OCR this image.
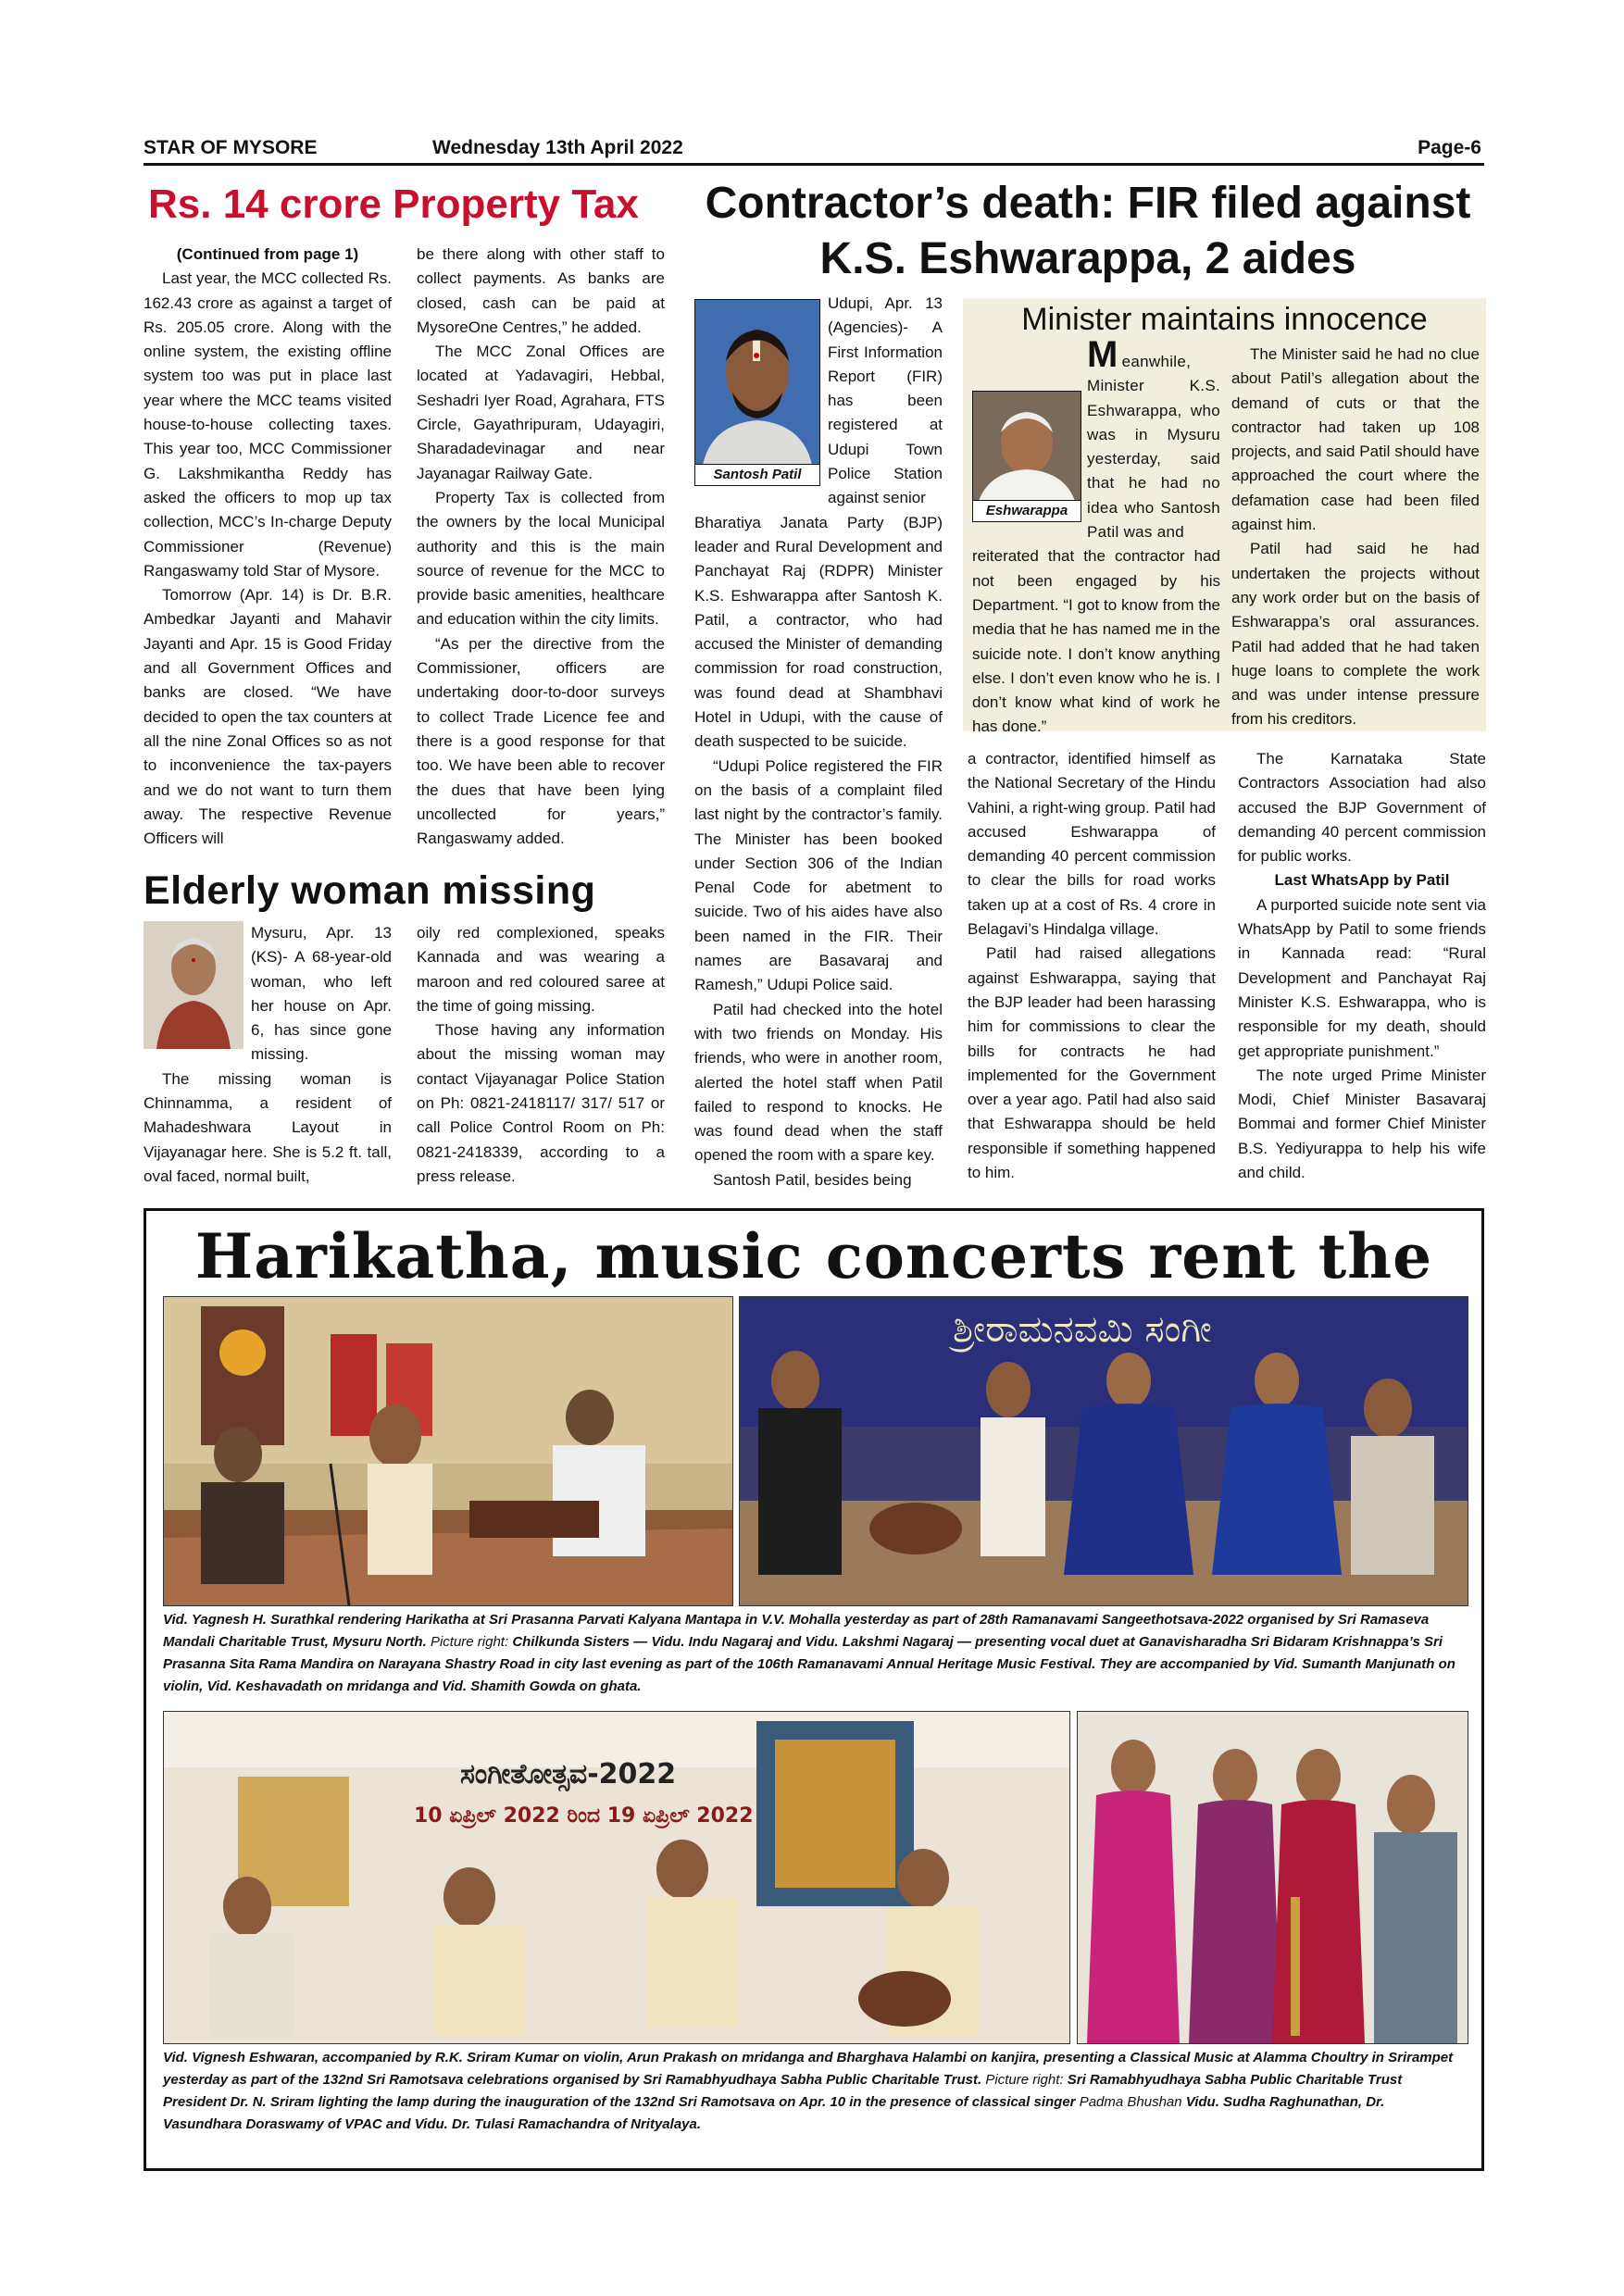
STAR OF MYSORE	Wednesday 13th April 2022	Page-6
Rs. 14 crore Property Tax

(Continued from page 1)

Last year, the MCC collected Rs. 162.43 crore as against a target of Rs. 205.05 crore. Along with the online system, the existing offline system too was put in place last year where the MCC teams visited house-to-house collecting taxes. This year too, MCC Commissioner G. Lakshmikantha Reddy has asked the officers to mop up tax collection, MCC’s In-charge Deputy Commissioner (Revenue) Rangaswamy told Star of Mysore.

Tomorrow (Apr. 14) is Dr. B.R. Ambedkar Jayanti and Mahavir Jayanti and Apr. 15 is Good Friday and all Government Offices and banks are closed. “We have decided to open the tax counters at all the nine Zonal Offices so as not to inconvenience the tax-payers and we do not want to turn them away. The respective Revenue Officers will

be there along with other staff to collect payments. As banks are closed, cash can be paid at MysoreOne Centres,” he added.

The MCC Zonal Offices are located at Yadavagiri, Hebbal, Seshadri Iyer Road, Agrahara, FTS Circle, Gayathripuram, Udayagiri, Sharadadevinagar and near Jayanagar Railway Gate.

Property Tax is collected from the owners by the local Municipal authority and this is the main source of revenue for the MCC to provide basic amenities, healthcare and education within the city limits.

“As per the directive from the Commissioner, officers are undertaking door-to-door surveys to collect Trade Licence fee and there is a good response for that too. We have been able to recover the dues that have been lying uncollected for years,” Rangaswamy added.

Elderly woman missing

Mysuru, Apr. 13 (KS)- A 68-year-old woman, who left her house on Apr. 6, has since gone missing.

The missing woman is Chinnamma, a resident of Mahadeshwara Layout in Vijayanagar here. She is 5.2 ft. tall, oval faced, normal built,

oily red complexioned, speaks Kannada and was wearing a maroon and red coloured saree at the time of going missing.

Those having any information about the missing woman may contact Vijayanagar Police Station on Ph: 0821-2418117/ 317/ 517 or call Police Control Room on Ph: 0821-2418339, according to a press release.

Contractor’s death: FIR filed against K.S. Eshwarappa, 2 aides
Santosh Patil

Udupi, Apr. 13 (Agencies)- A First Information Report (FIR) has been registered at Udupi Town Police Station against senior

Bharatiya Janata Party (BJP) leader and Rural Development and Panchayat Raj (RDPR) Minister K.S. Eshwarappa after Santosh K. Patil, a contractor, who had accused the Minister of demanding commission for road construction, was found dead at Shambhavi Hotel in Udupi, with the cause of death suspected to be suicide.

“Udupi Police registered the FIR on the basis of a complaint filed last night by the contractor’s family. The Minister has been booked under Section 306 of the Indian Penal Code for abetment to suicide. Two of his aides have also been named in the FIR. Their names are Basavaraj and Ramesh,” Udupi Police said.

Patil had checked into the hotel with two friends on Monday. His friends, who were in another room, alerted the hotel staff when Patil failed to respond to knocks. He was found dead when the staff opened the room with a spare key.

Santosh Patil, besides being

Minister maintains innocence
Eshwarappa

Meanwhile, Minister K.S. Eshwarappa, who was in Mysuru yesterday, said that he had no idea who Santosh Patil was and

reiterated that the contractor had not been engaged by his Department. “I got to know from the media that he has named me in the suicide note. I don’t know anything else. I don’t even know who he is. I don’t know what kind of work he has done.”

The Minister said he had no clue about Patil’s allegation about the demand of cuts or that the contractor had taken up 108 projects, and said Patil should have approached the court where the defamation case had been filed against him.

Patil had said he had undertaken the projects without any work order but on the basis of Eshwarappa’s oral assurances. Patil had added that he had taken huge loans to complete the work and was under intense pressure from his creditors.

a contractor, identified himself as the National Secretary of the Hindu Vahini, a right-wing group. Patil had accused Eshwarappa of demanding 40 percent commission to clear the bills for road works taken up at a cost of Rs. 4 crore in Belagavi’s Hindalga village.

Patil had raised allegations against Eshwarappa, saying that the BJP leader had been harassing him for commissions to clear the bills for contracts he had implemented for the Government over a year ago. Patil had also said that Eshwarappa should be held responsible if something happened to him.

The Karnataka State Contractors Association had also accused the BJP Government of demanding 40 percent commission for public works.

Last WhatsApp by Patil

A purported suicide note sent via WhatsApp by Patil to some friends in Kannada read: “Rural Development and Panchayat Raj Minister K.S. Eshwarappa, who is responsible for my death, should get appropriate punishment.”

The note urged Prime Minister Modi, Chief Minister Basavaraj Bommai and former Chief Minister B.S. Yediyurappa to help his wife and child.

Harikatha, music concerts rent the
ಶ್ರೀರಾಮನವಮಿ ಸಂಗೀ
Vid. Yagnesh H. Surathkal rendering Harikatha at Sri Prasanna Parvati Kalyana Mantapa in V.V. Mohalla yesterday as part of 28th Ramanavami Sangeethotsava-2022 organised by Sri Ramaseva Mandali Charitable Trust, Mysuru North. Picture right: Chilkunda Sisters — Vidu. Indu Nagaraj and Vidu. Lakshmi Nagaraj — presenting vocal duet at Ganavisharadha Sri Bidaram Krishnappa’s Sri Prasanna Sita Rama Mandira on Narayana Shastry Road in city last evening as part of the 106th Ramanavami Annual Heritage Music Festival. They are accompanied by Vid. Sumanth Manjunath on violin, Vid. Keshavadath on mridanga and Vid. Shamith Gowda on ghata.
ಸಂಗೀತೋತ್ಸವ-2022
10 ಏಪ್ರಿಲ್ 2022 ರಿಂದ 19 ಏಪ್ರಿಲ್ 2022
Vid. Vignesh Eshwaran, accompanied by R.K. Sriram Kumar on violin, Arun Prakash on mridanga and Bharghava Halambi on kanjira, presenting a Classical Music at Alamma Choultry in Srirampet yesterday as part of the 132nd Sri Ramotsava celebrations organised by Sri Ramabhyudhaya Sabha Public Charitable Trust. Picture right: Sri Ramabhyudhaya Sabha Public Charitable Trust President Dr. N. Sriram lighting the lamp during the inauguration of the 132nd Sri Ramotsava on Apr. 10 in the presence of classical singer Padma Bhushan Vidu. Sudha Raghunathan, Dr. Vasundhara Doraswamy of VPAC and Vidu. Dr. Tulasi Ramachandra of Nrityalaya.
